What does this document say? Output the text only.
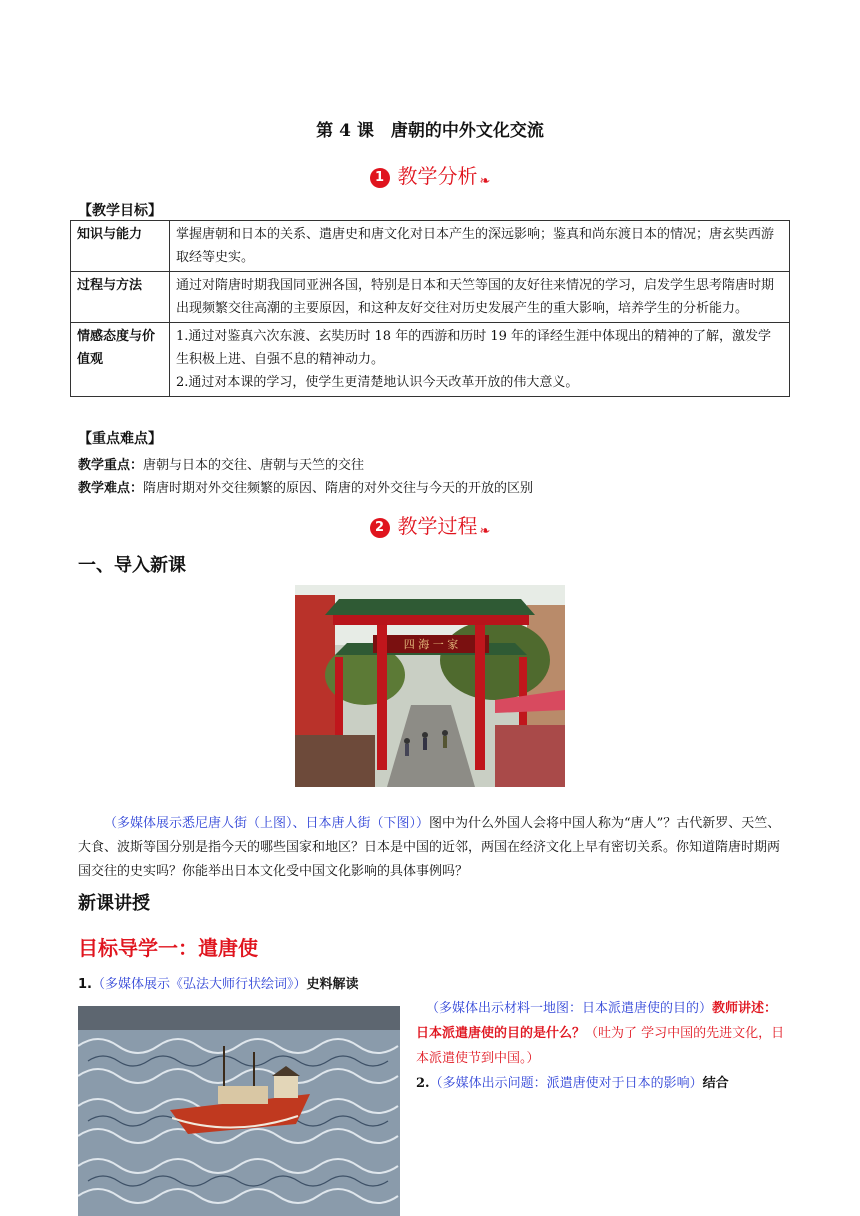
第 4 课　唐朝的中外文化交流
1 教学分析 ❧
【教学目标】
知识与能力	掌握唐朝和日本的关系、遣唐史和唐文化对日本产生的深远影响；鉴真和尚东渡日本的情况；唐玄奘西游取经等史实。

过程与方法	通过对隋唐时期我国同亚洲各国，特别是日本和天竺等国的友好往来情况的学习，启发学生思考隋唐时期出现频繁交往高潮的主要原因，和这种友好交往对历史发展产生的重大影响，培养学生的分析能力。

情感态度与价值观	1.通过对鉴真六次东渡、玄奘历时 18 年的西游和历时 19 年的译经生涯中体现出的精神的了解，激发学生积极上进、自强不息的精神动力。

2.通过对本课的学习，使学生更清楚地认识今天改革开放的伟大意义。

【重点难点】
教学重点：唐朝与日本的交往、唐朝与天竺的交往
教学难点：隋唐时期对外交往频繁的原因、隋唐的对外交往与今天的开放的区别
2 教学过程 ❧
一、导入新课
四 海 一 家
（多媒体展示悉尼唐人街（上图）、日本唐人街（下图））图中为什么外国人会将中国人称为“唐人”？古代新罗、天竺、大食、波斯等国分别是指今天的哪些国家和地区？日本是中国的近邻，两国在经济文化上早有密切关系。你知道隋唐时期两国交往的史实吗？你能举出日本文化受中国文化影响的具体事例吗？
新课讲授
目标导学一：遣唐使
1.（多媒体展示《弘法大师行状绘词》）史料解读
（多媒体出示材料一地图：日本派遣唐使的目的）教师讲述：日本派遣唐使的目的是什么？（吐为了 学习中国的先进文化，日本派遣使节到中国。）
2.（多媒体出示问题：派遣唐使对于日本的影响）结合
